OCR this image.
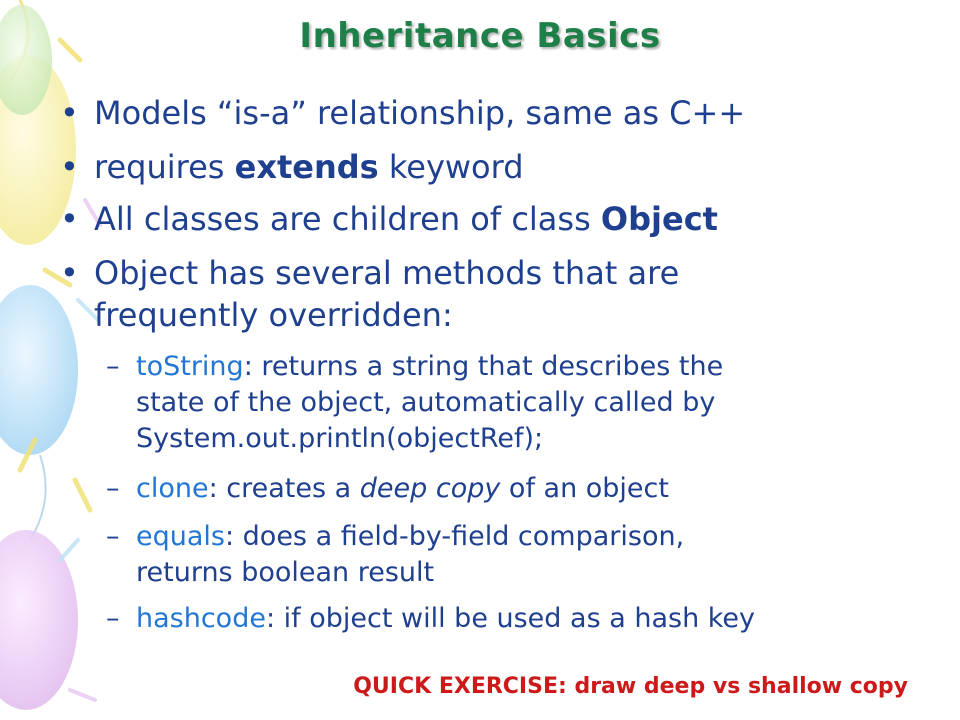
Inheritance Basics
• Models “is-a” relationship, same as C++
• requires extends keyword
• All classes are children of class Object
• Object has several methods that are
frequently overridden:
– toString: returns a string that describes the
state of the object, automatically called by
System.out.println(objectRef);
– clone: creates a deep copy of an object
– equals: does a field-by-field comparison,
returns boolean result
– hashcode: if object will be used as a hash key
QUICK EXERCISE: draw deep vs shallow copy
